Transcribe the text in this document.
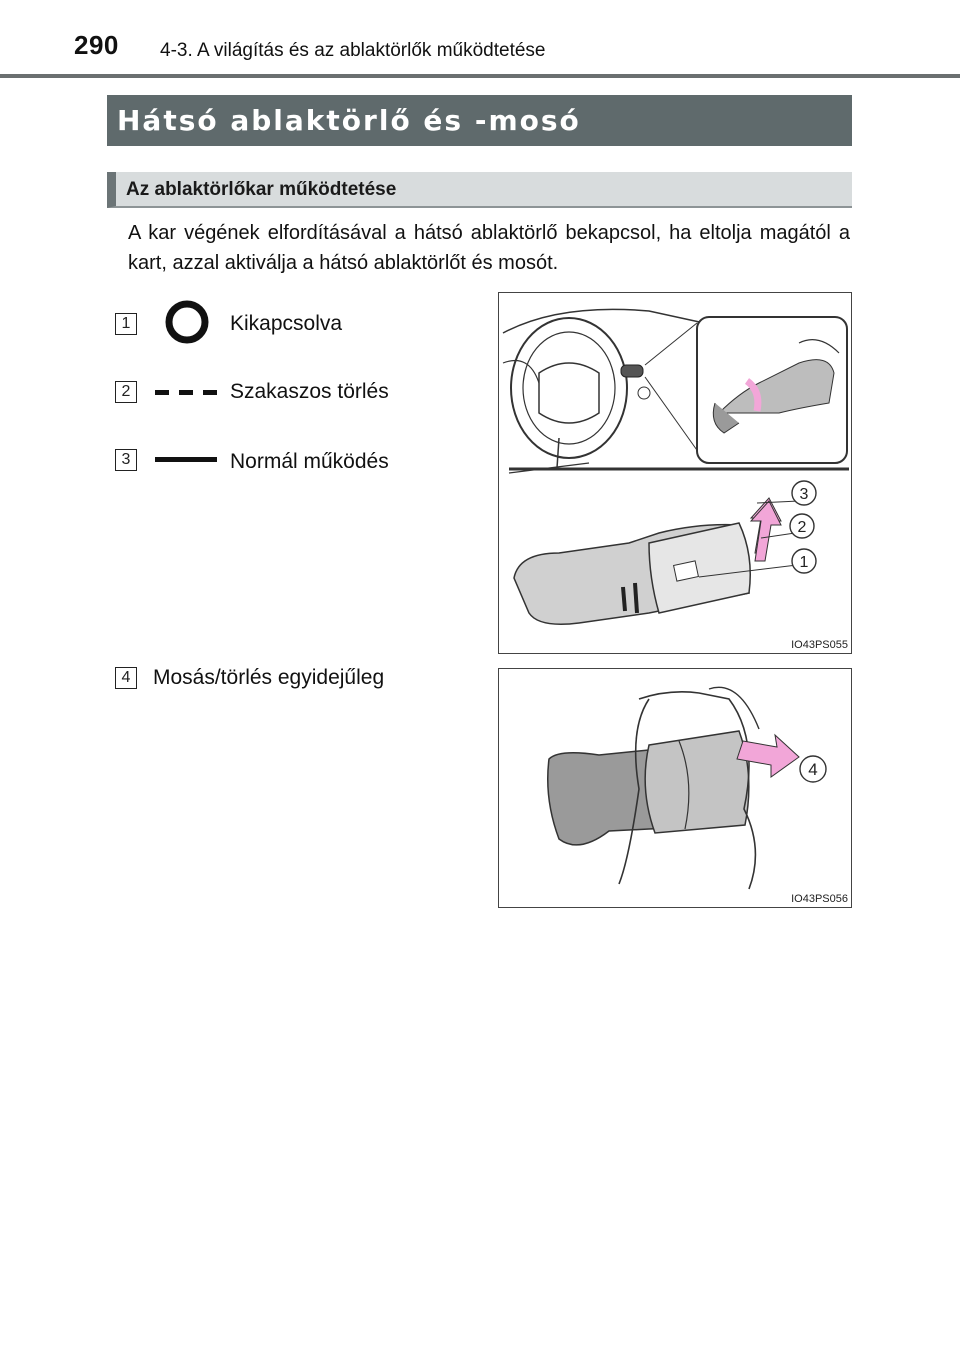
290 4-3. A világítás és az ablaktörlők működtetése
Hátsó ablaktörlő és -mosó
Az ablaktörlőkar működtetése
A kar végének elfordításával a hátsó ablaktörlő bekapcsol, ha eltolja magától a kart, azzal aktiválja a hátsó ablaktörlőt és mosót.
1	Kikapcsolva
2	Szakaszos törlés
3	Normál működés
4	Mosás/törlés egyidejűleg
3
2
1
IO43PS055
4
IO43PS056
